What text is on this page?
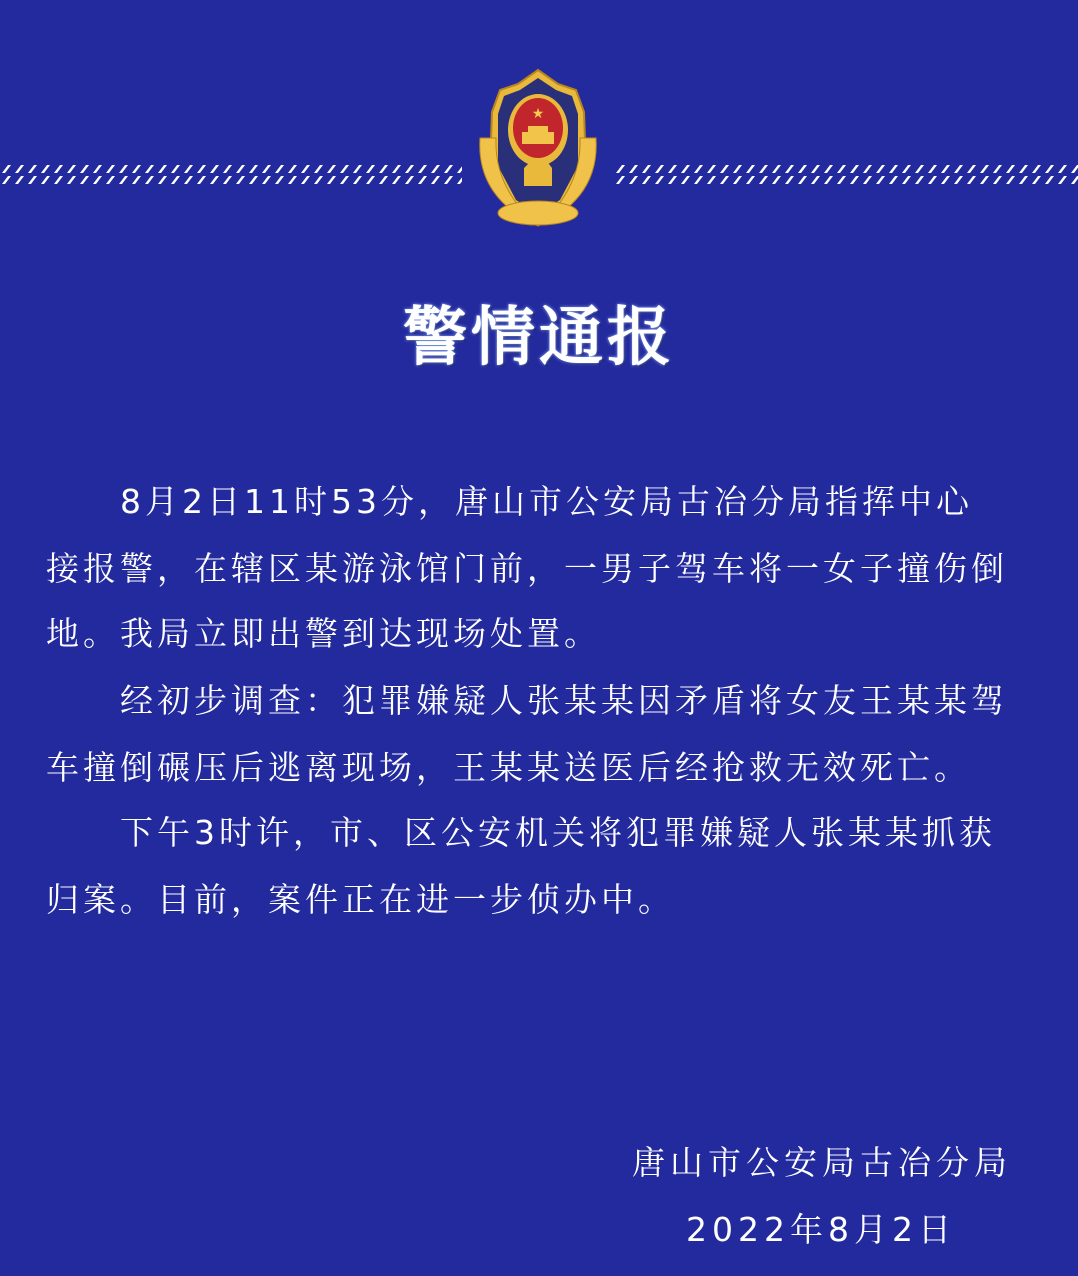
★
警情通报
8月2日11时53分，唐山市公安局古冶分局指挥中心
接报警，在辖区某游泳馆门前，一男子驾车将一女子撞伤倒
地。我局立即出警到达现场处置。
经初步调查：犯罪嫌疑人张某某因矛盾将女友王某某驾
车撞倒碾压后逃离现场，王某某送医后经抢救无效死亡。
下午3时许，市、区公安机关将犯罪嫌疑人张某某抓获
归案。目前，案件正在进一步侦办中。
唐山市公安局古冶分局
2022年8月2日
